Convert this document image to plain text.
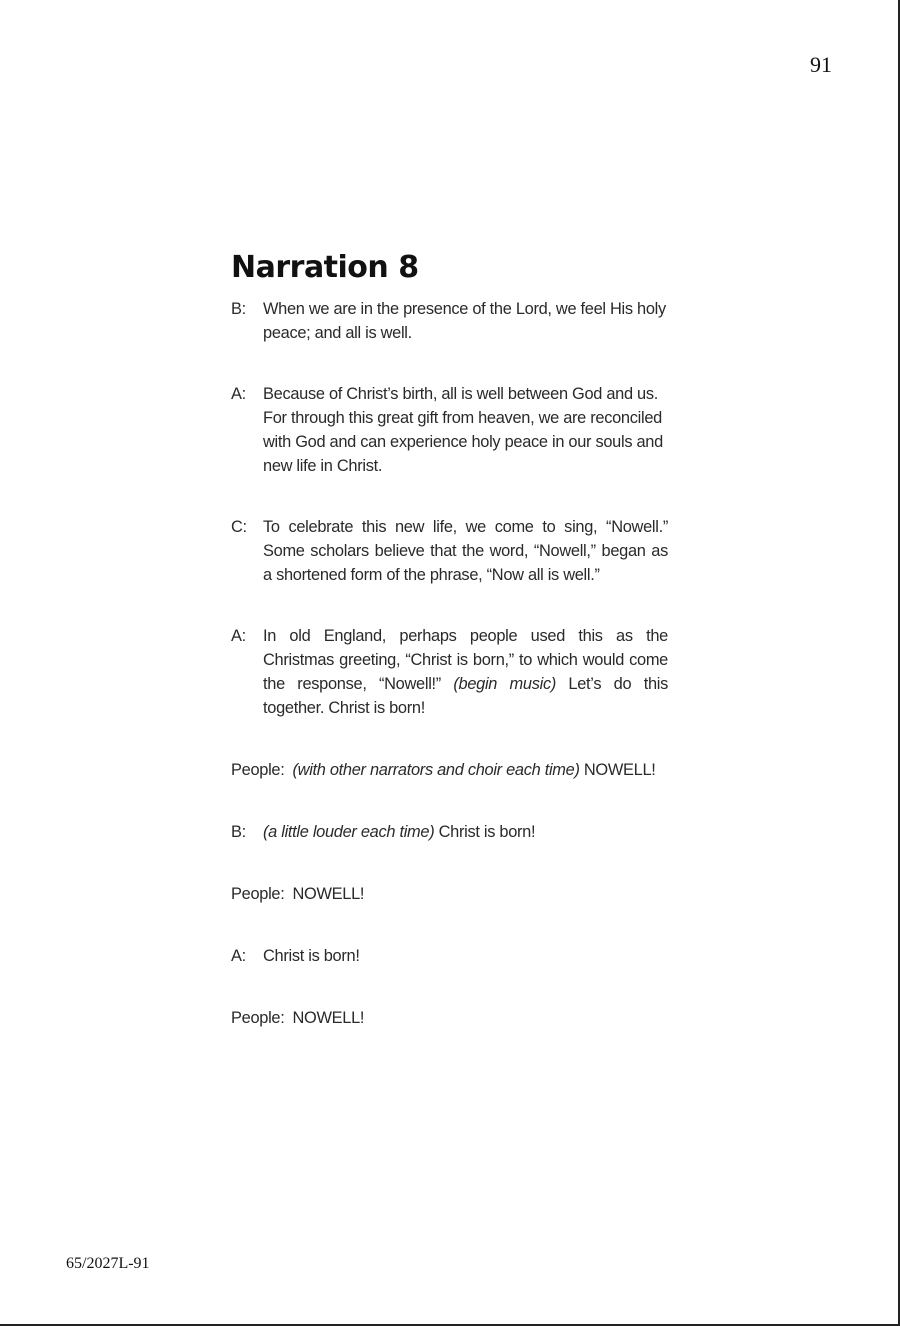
91
Narration 8
B:	When we are in the presence of the Lord, we feel His holy peace; and all is well.
A:	Because of Christ’s birth, all is well between God and us. For through this great gift from heaven, we are reconciled with God and can experience holy peace in our souls and new life in Christ.
C: To celebrate this new life, we come to sing, “Nowell.” Some scholars believe that the word, “Nowell,” began as a shortened form of the phrase, “Now all is well.”
A:	In old England, perhaps people used this as the Christmas greeting, “Christ is born,” to which would come the response, “Nowell!” (begin music) Let’s do this together. Christ is born!
People: (with other narrators and choir each time) NOWELL!
B:	(a little louder each time) Christ is born!
People: NOWELL!
A:	Christ is born!
People: NOWELL!
65/2027L-91
